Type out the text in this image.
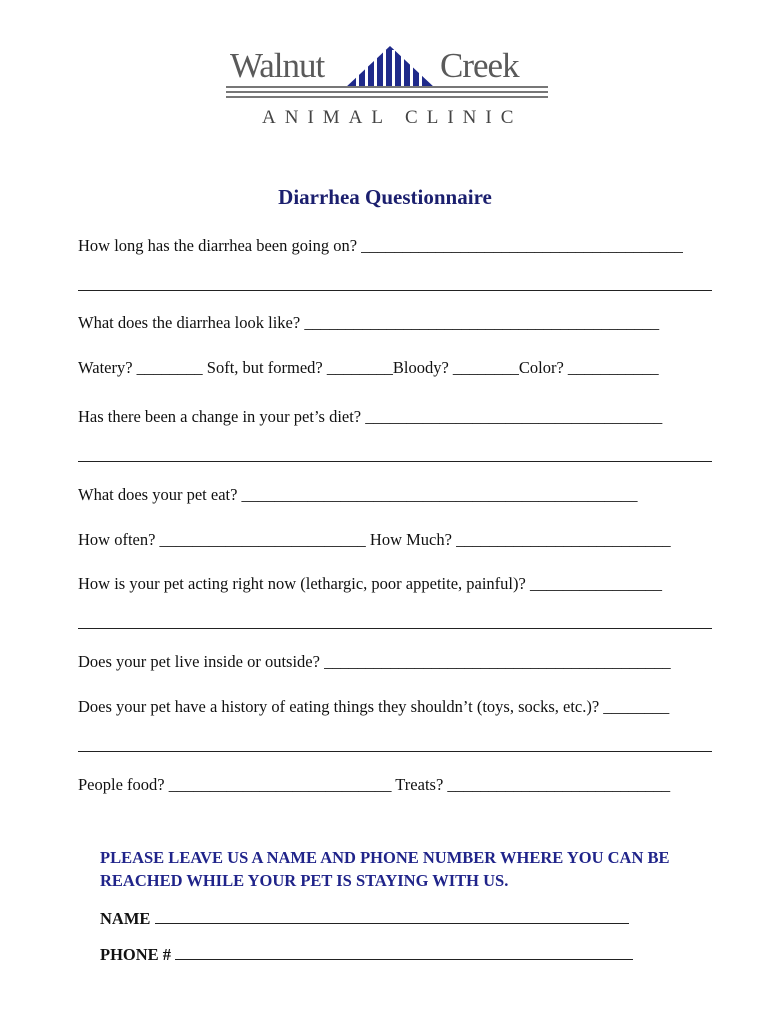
Walnut	Creek
ANIMAL CLINIC
Diarrhea Questionnaire
How long has the diarrhea been going on? _______________________________________
What does the diarrhea look like? ___________________________________________
Watery? ________ Soft, but formed? ________Bloody? ________Color? ___________
Has there been a change in your pet’s diet? ____________________________________
What does your pet eat? ________________________________________________
How often? _________________________ How Much? __________________________
How is your pet acting right now (lethargic, poor appetite, painful)? ________________
Does your pet live inside or outside? __________________________________________
Does your pet have a history of eating things they shouldn’t (toys, socks, etc.)? ________
People food? ___________________________ Treats? ___________________________
PLEASE LEAVE US A NAME AND PHONE NUMBER WHERE YOU CAN BE REACHED WHILE YOUR PET IS STAYING WITH US.
NAME
PHONE #
